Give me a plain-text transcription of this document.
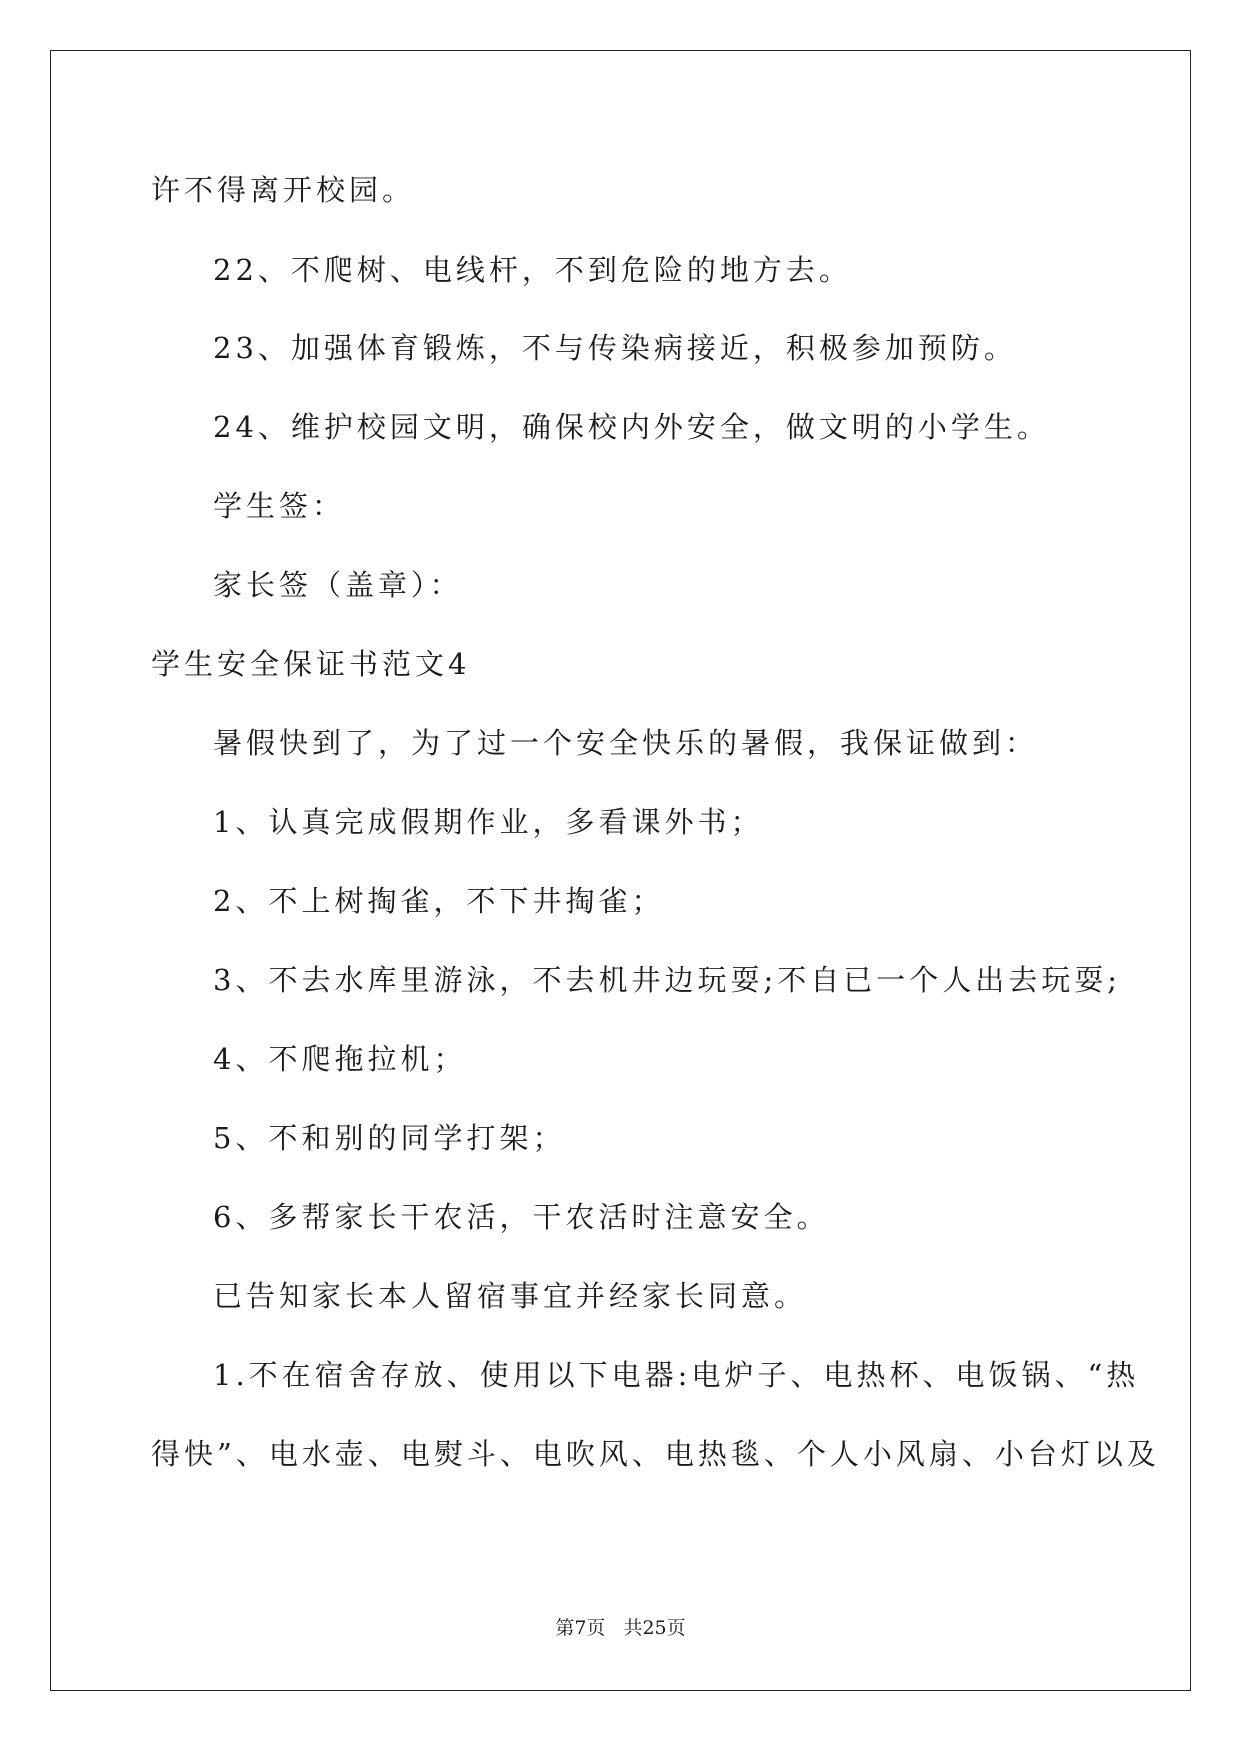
许不得离开校园。
22、不爬树、电线杆，不到危险的地方去。
23、加强体育锻炼，不与传染病接近，积极参加预防。
24、维护校园文明，确保校内外安全，做文明的小学生。
学生签：
家长签（盖章）：
学生安全保证书范文4
暑假快到了，为了过一个安全快乐的暑假，我保证做到：
1、认真完成假期作业，多看课外书；
2、不上树掏雀，不下井掏雀；
3、不去水库里游泳，不去机井边玩耍;不自已一个人出去玩耍;
4、不爬拖拉机；
5、不和别的同学打架；
6、多帮家长干农活，干农活时注意安全。
已告知家长本人留宿事宜并经家长同意。
1.不在宿舍存放、使用以下电器:电炉子、电热杯、电饭锅、“热
得快”、电水壶、电熨斗、电吹风、电热毯、个人小风扇、小台灯以及
第7页 共25页
